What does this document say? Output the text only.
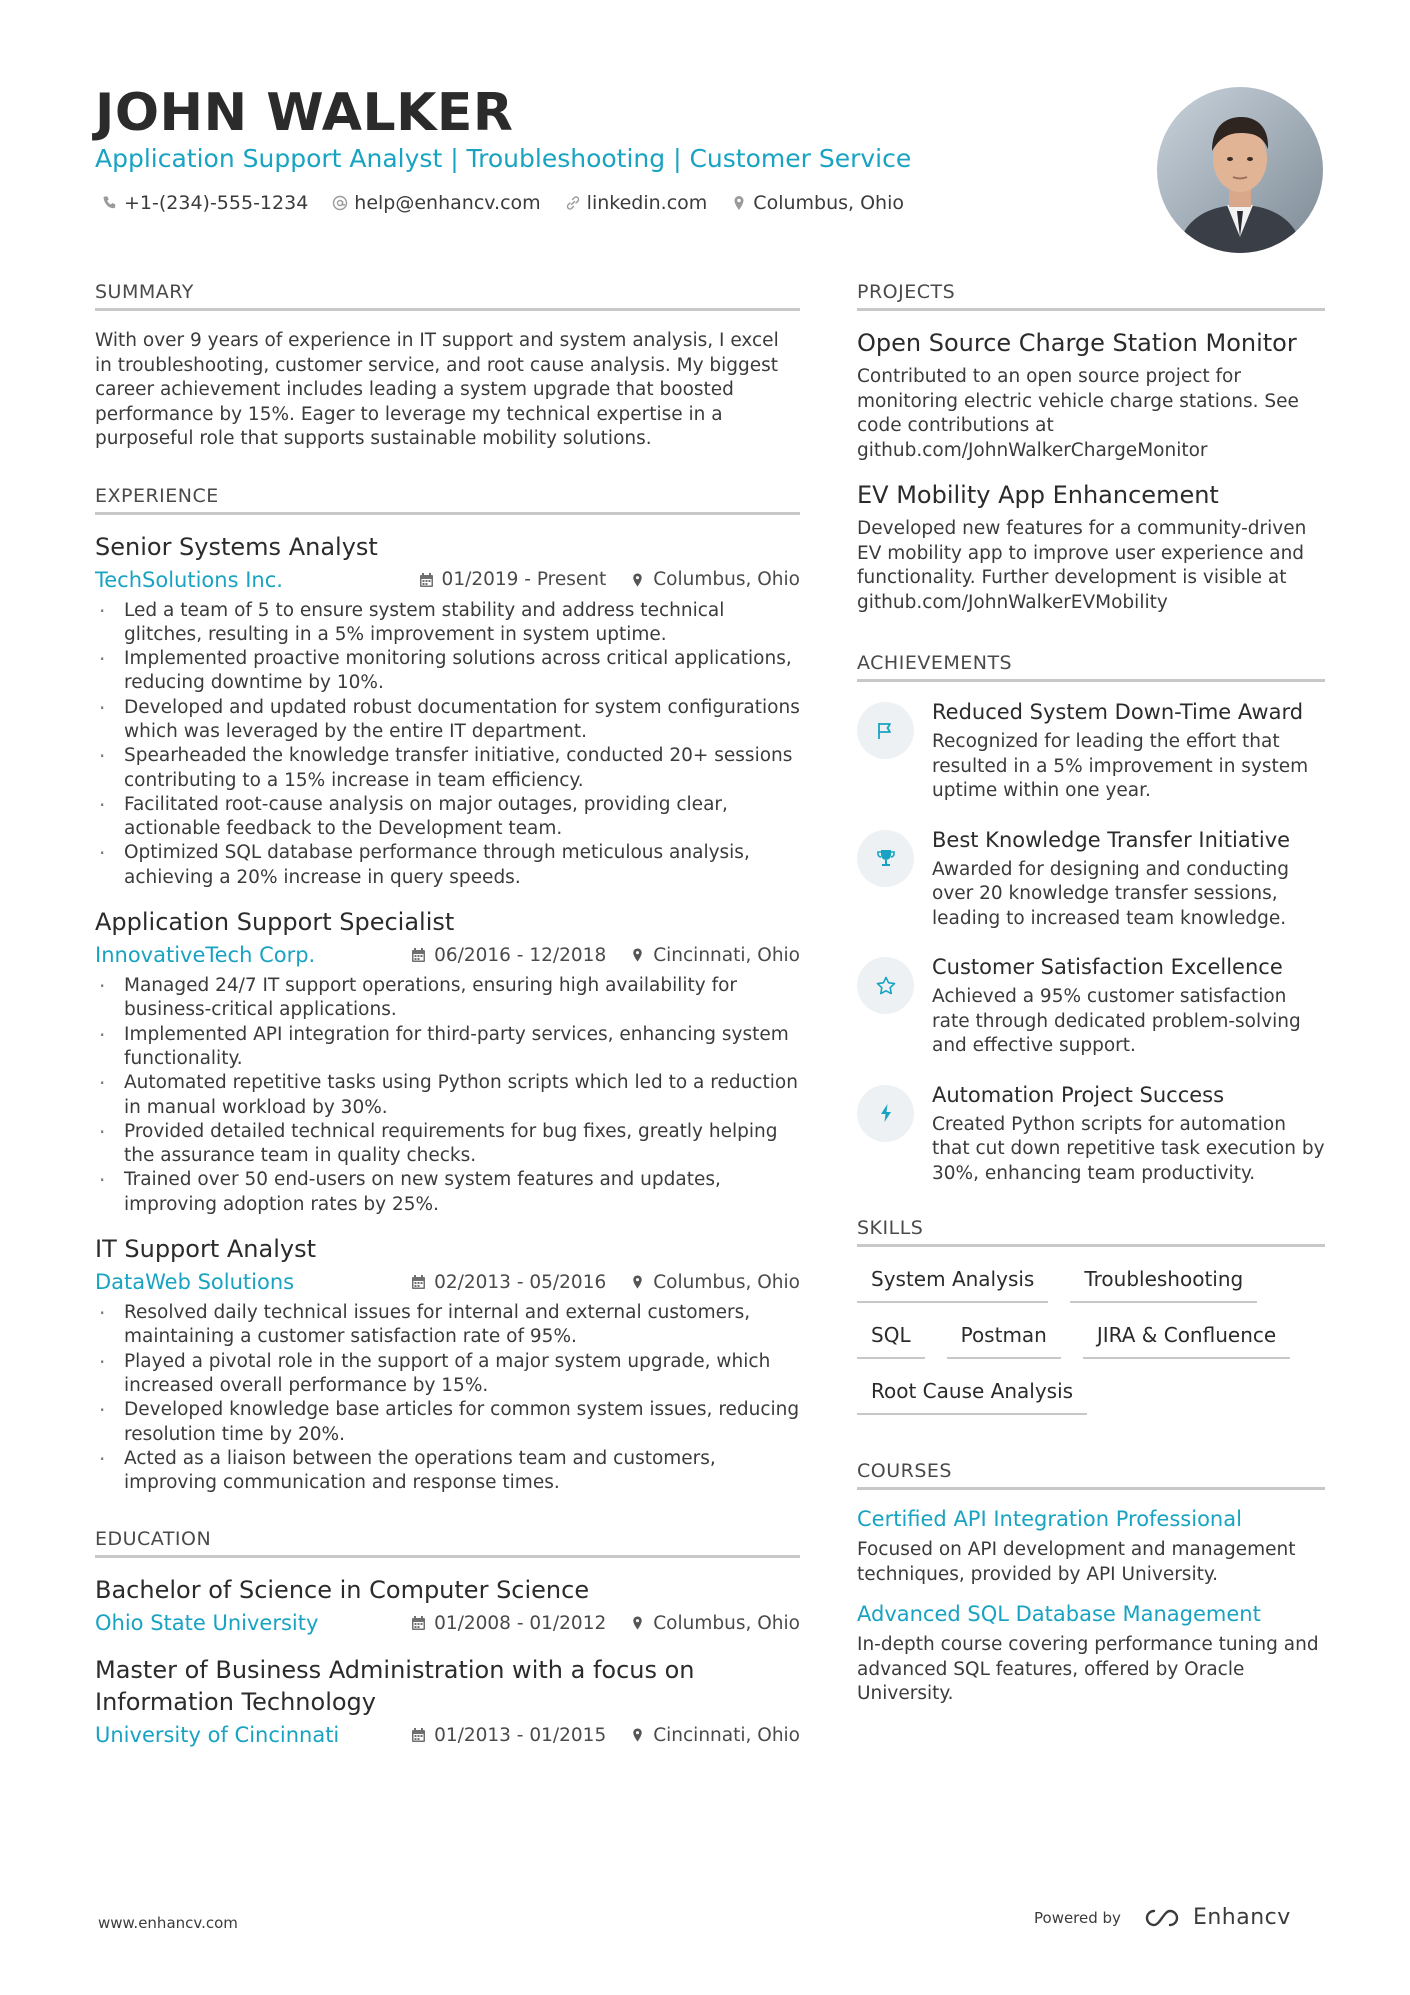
JOHN WALKER
Application Support Analyst | Troubleshooting | Customer Service
+1-(234)-555-1234 help@enhancv.com linkedin.com Columbus, Ohio
SUMMARY

With over 9 years of experience in IT support and system analysis, I excel in troubleshooting, customer service, and root cause analysis. My biggest career achievement includes leading a system upgrade that boosted performance by 15%. Eager to leverage my technical expertise in a purposeful role that supports sustainable mobility solutions.

EXPERIENCE
Senior Systems Analyst
TechSolutions Inc.	01/2019 - Present	Columbus, Ohio
· Led a team of 5 to ensure system stability and address technical glitches, resulting in a 5% improvement in system uptime.
· Implemented proactive monitoring solutions across critical applications, reducing downtime by 10%.
· Developed and updated robust documentation for system configurations which was leveraged by the entire IT department.
· Spearheaded the knowledge transfer initiative, conducted 20+ sessions contributing to a 15% increase in team efficiency.
· Facilitated root-cause analysis on major outages, providing clear, actionable feedback to the Development team.
· Optimized SQL database performance through meticulous analysis, achieving a 20% increase in query speeds.
Application Support Specialist
InnovativeTech Corp.	06/2016 - 12/2018	Cincinnati, Ohio
· Managed 24/7 IT support operations, ensuring high availability for business-critical applications.
· Implemented API integration for third-party services, enhancing system functionality.
· Automated repetitive tasks using Python scripts which led to a reduction in manual workload by 30%.
· Provided detailed technical requirements for bug fixes, greatly helping the assurance team in quality checks.
· Trained over 50 end-users on new system features and updates, improving adoption rates by 25%.
IT Support Analyst
DataWeb Solutions	02/2013 - 05/2016	Columbus, Ohio
· Resolved daily technical issues for internal and external customers, maintaining a customer satisfaction rate of 95%.
· Played a pivotal role in the support of a major system upgrade, which increased overall performance by 15%.
· Developed knowledge base articles for common system issues, reducing resolution time by 20%.
· Acted as a liaison between the operations team and customers, improving communication and response times.
EDUCATION
Bachelor of Science in Computer Science
Ohio State University	01/2008 - 01/2012	Columbus, Ohio
Master of Business Administration with a focus on Information Technology
University of Cincinnati	01/2013 - 01/2015	Cincinnati, Ohio
PROJECTS
Open Source Charge Station Monitor

Contributed to an open source project for monitoring electric vehicle charge stations. See code contributions at github.com/JohnWalkerChargeMonitor

EV Mobility App Enhancement

Developed new features for a community-driven EV mobility app to improve user experience and functionality. Further development is visible at github.com/JohnWalkerEVMobility

ACHIEVEMENTS
Reduced System Down-Time Award

Recognized for leading the effort that resulted in a 5% improvement in system uptime within one year.

Best Knowledge Transfer Initiative

Awarded for designing and conducting over 20 knowledge transfer sessions, leading to increased team knowledge.

Customer Satisfaction Excellence

Achieved a 95% customer satisfaction rate through dedicated problem-solving and effective support.

Automation Project Success

Created Python scripts for automation that cut down repetitive task execution by 30%, enhancing team productivity.

SKILLS
System Analysis	Troubleshooting
SQL	Postman	JIRA & Confluence
Root Cause Analysis
COURSES
Certified API Integration Professional

Focused on API development and management techniques, provided by API University.

Advanced SQL Database Management

In-depth course covering performance tuning and advanced SQL features, offered by Oracle University.

www.enhancv.com	Powered by	Enhancv
